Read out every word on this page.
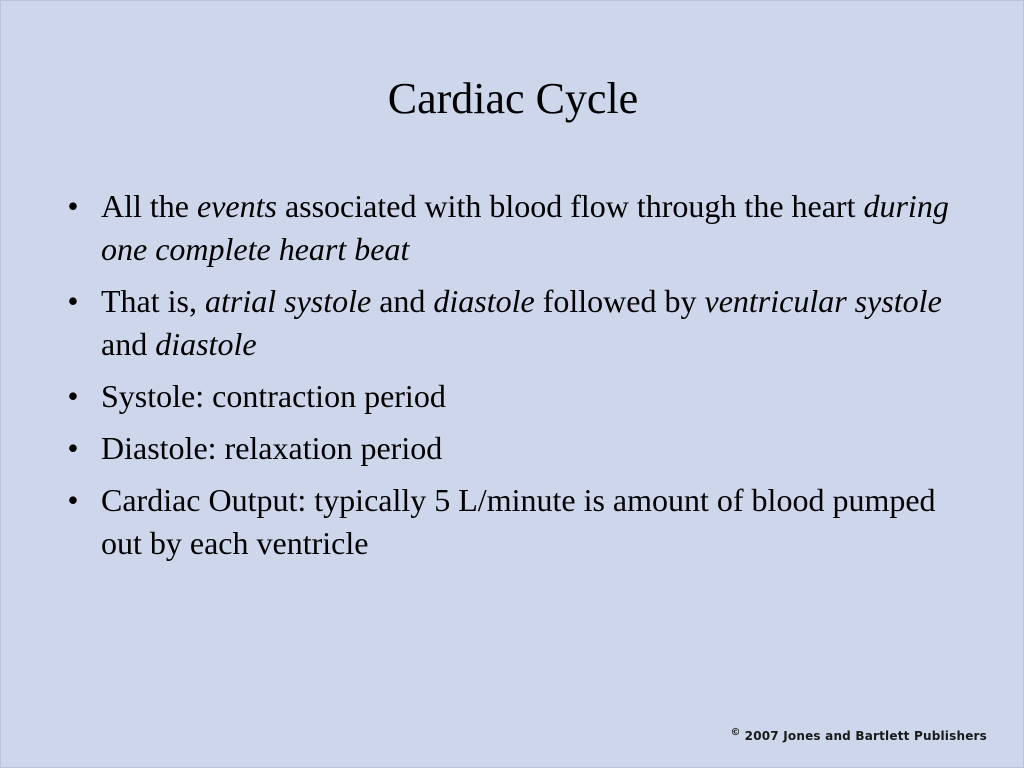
Cardiac Cycle
• All the events associated with blood flow through the heart during one complete heart beat
• That is, atrial systole and diastole followed by ventricular systole and diastole
• Systole: contraction period
• Diastole: relaxation period
• Cardiac Output: typically 5 L/minute is amount of blood pumped out by each ventricle
© 2007 Jones and Bartlett Publishers
